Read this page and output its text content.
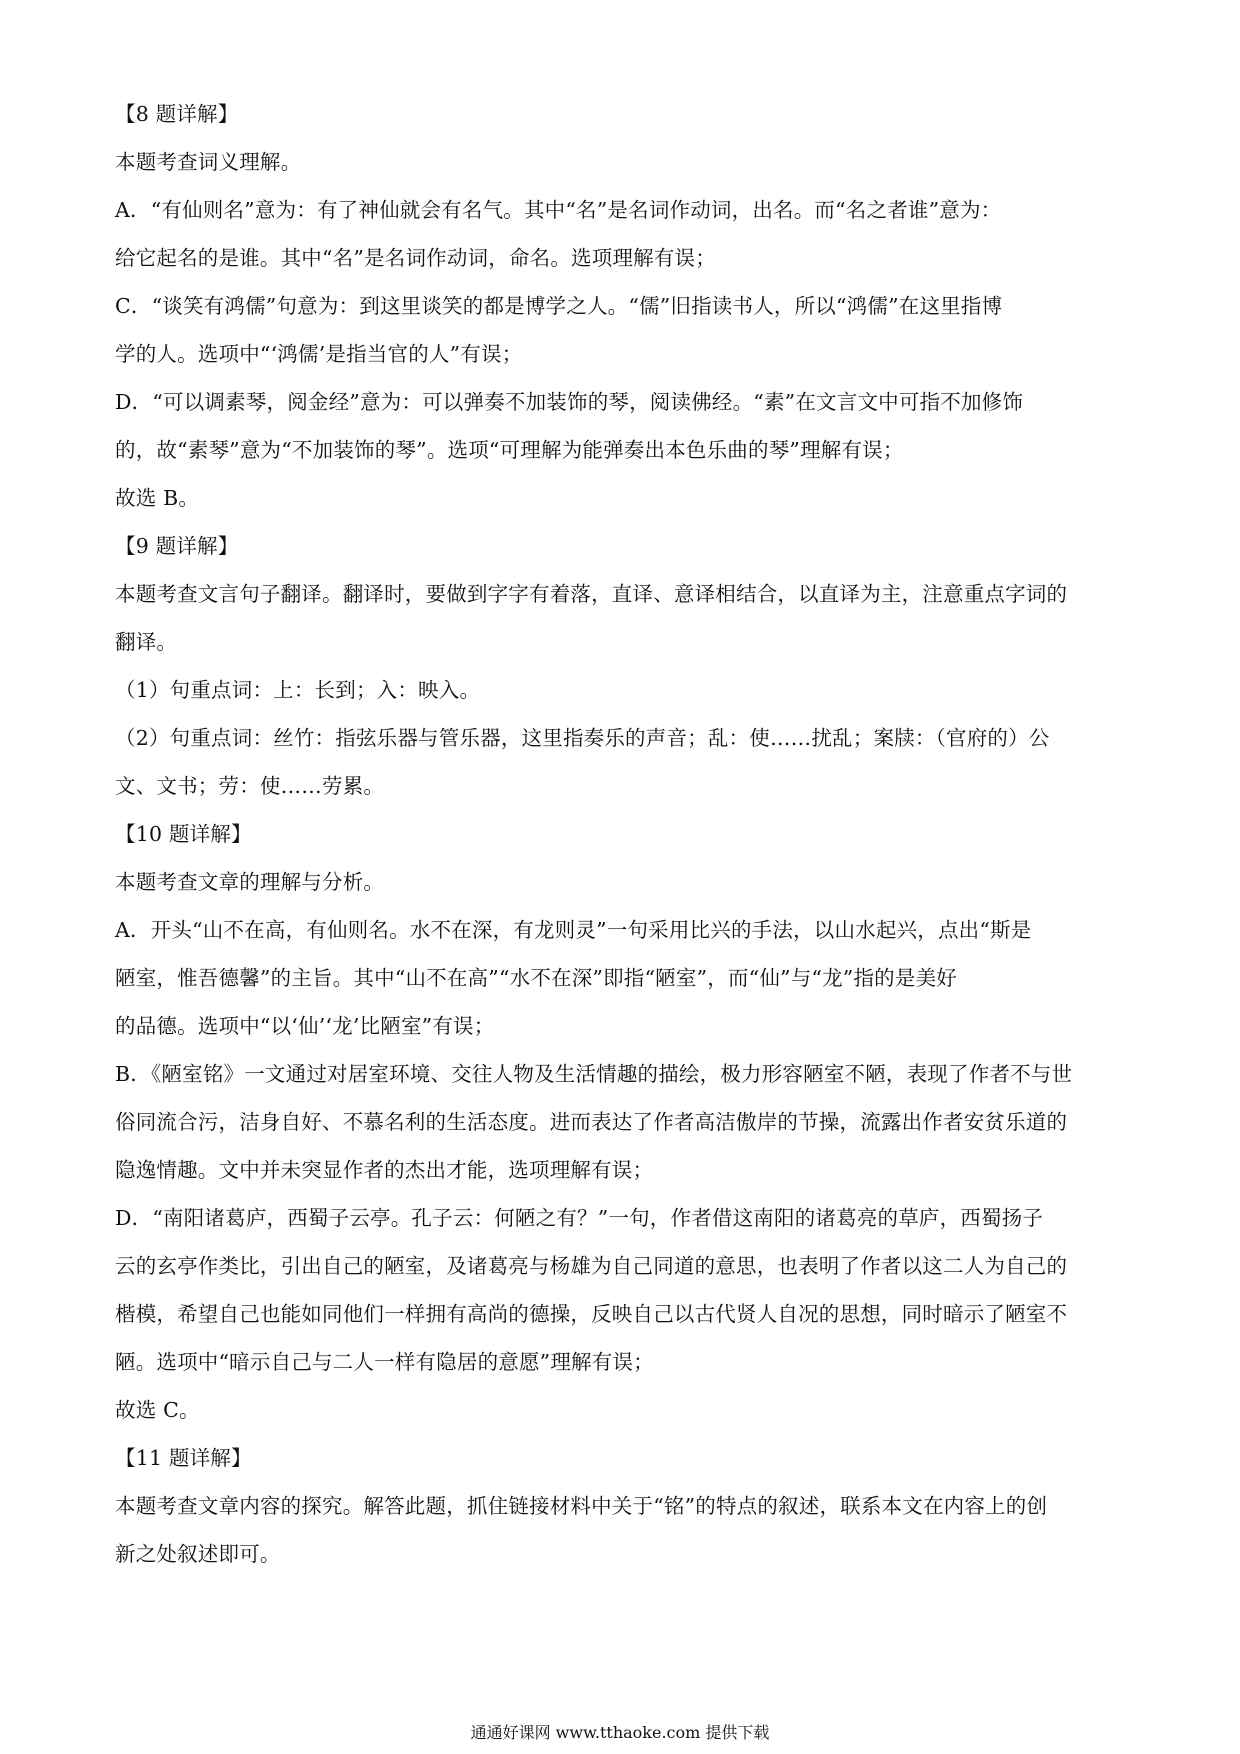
【8 题详解】
本题考查词义理解。
A．“有仙则名”意为：有了神仙就会有名气。其中“名”是名词作动词，出名。而“名之者谁”意为：
给它起名的是谁。其中“名”是名词作动词，命名。选项理解有误；
C．“谈笑有鸿儒”句意为：到这里谈笑的都是博学之人。“儒”旧指读书人，所以“鸿儒”在这里指博
学的人。选项中“‘鸿儒’是指当官的人”有误；
D．“可以调素琴，阅金经”意为：可以弹奏不加装饰的琴，阅读佛经。“素”在文言文中可指不加修饰
的，故“素琴”意为“不加装饰的琴”。选项“可理解为能弹奏出本色乐曲的琴”理解有误；
故选 B。
【9 题详解】
本题考查文言句子翻译。翻译时，要做到字字有着落，直译、意译相结合，以直译为主，注意重点字词的
翻译。
（1）句重点词：上：长到；入：映入。
（2）句重点词：丝竹：指弦乐器与管乐器，这里指奏乐的声音；乱：使……扰乱；案牍：（官府的）公
文、文书；劳：使……劳累。
【10 题详解】
本题考查文章的理解与分析。
A．开头“山不在高，有仙则名。水不在深，有龙则灵”一句采用比兴的手法，以山水起兴，点出“斯是
陋室，惟吾德馨”的主旨。其中“山不在高”“水不在深”即指“陋室”，而“仙”与“龙”指的是美好
的品德。选项中“以‘仙’‘龙’比陋室”有误；
B．《陋室铭》一文通过对居室环境、交往人物及生活情趣的描绘，极力形容陋室不陋，表现了作者不与世
俗同流合污，洁身自好、不慕名利的生活态度。进而表达了作者高洁傲岸的节操，流露出作者安贫乐道的
隐逸情趣。文中并未突显作者的杰出才能，选项理解有误；
D．“南阳诸葛庐，西蜀子云亭。孔子云：何陋之有？”一句，作者借这南阳的诸葛亮的草庐，西蜀扬子
云的玄亭作类比，引出自己的陋室，及诸葛亮与杨雄为自己同道的意思，也表明了作者以这二人为自己的
楷模，希望自己也能如同他们一样拥有高尚的德操，反映自己以古代贤人自况的思想，同时暗示了陋室不
陋。选项中“暗示自己与二人一样有隐居的意愿”理解有误；
故选 C。
【11 题详解】
本题考查文章内容的探究。解答此题，抓住链接材料中关于“铭”的特点的叙述，联系本文在内容上的创
新之处叙述即可。
通通好课网 www.tthaoke.com 提供下载
